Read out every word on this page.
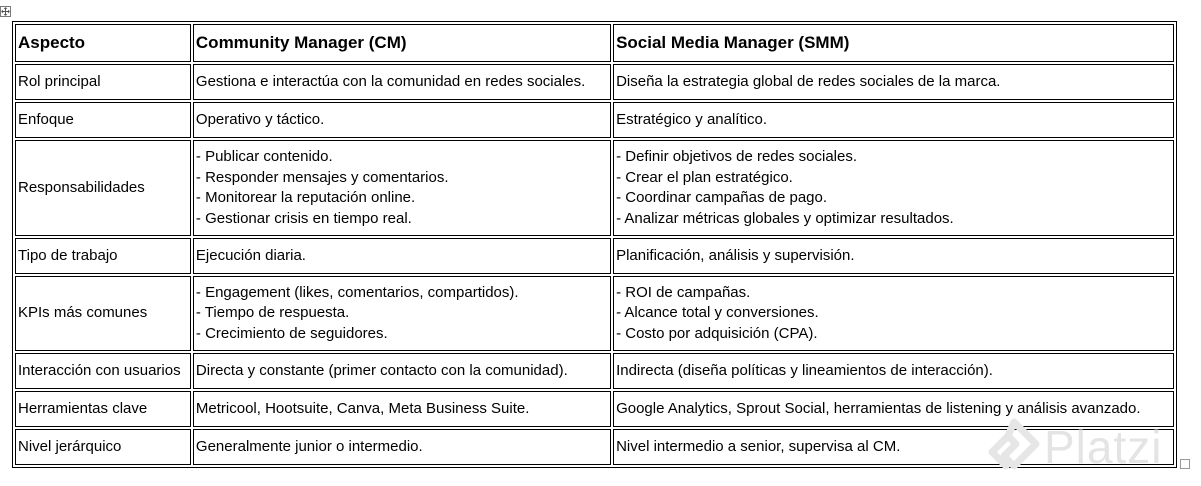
Aspecto	Community Manager (CM)	Social Media Manager (SMM)
Rol principal	Gestiona e interactúa con la comunidad en redes sociales.	Diseña la estrategia global de redes sociales de la marca.

Enfoque	Operativo y táctico.	Estratégico y analítico.

Responsabilidades	- Publicar contenido.
- Responder mensajes y comentarios.
- Monitorear la reputación online.
- Gestionar crisis en tiempo real.	- Definir objetivos de redes sociales.
- Crear el plan estratégico.
- Coordinar campañas de pago.
- Analizar métricas globales y optimizar resultados.

Tipo de trabajo	Ejecución diaria.	Planificación, análisis y supervisión.

KPIs más comunes	- Engagement (likes, comentarios, compartidos).
- Tiempo de respuesta.
- Crecimiento de seguidores.	- ROI de campañas.
- Alcance total y conversiones.
- Costo por adquisición (CPA).

Interacción con usuarios	Directa y constante (primer contacto con la comunidad).	Indirecta (diseña políticas y lineamientos de interacción).

Herramientas clave	Metricool, Hootsuite, Canva, Meta Business Suite.	Google Analytics, Sprout Social, herramientas de listening y análisis avanzado.

Nivel jerárquico	Generalmente junior o intermedio.	Nivel intermedio a senior, supervisa al CM.	Platzi
